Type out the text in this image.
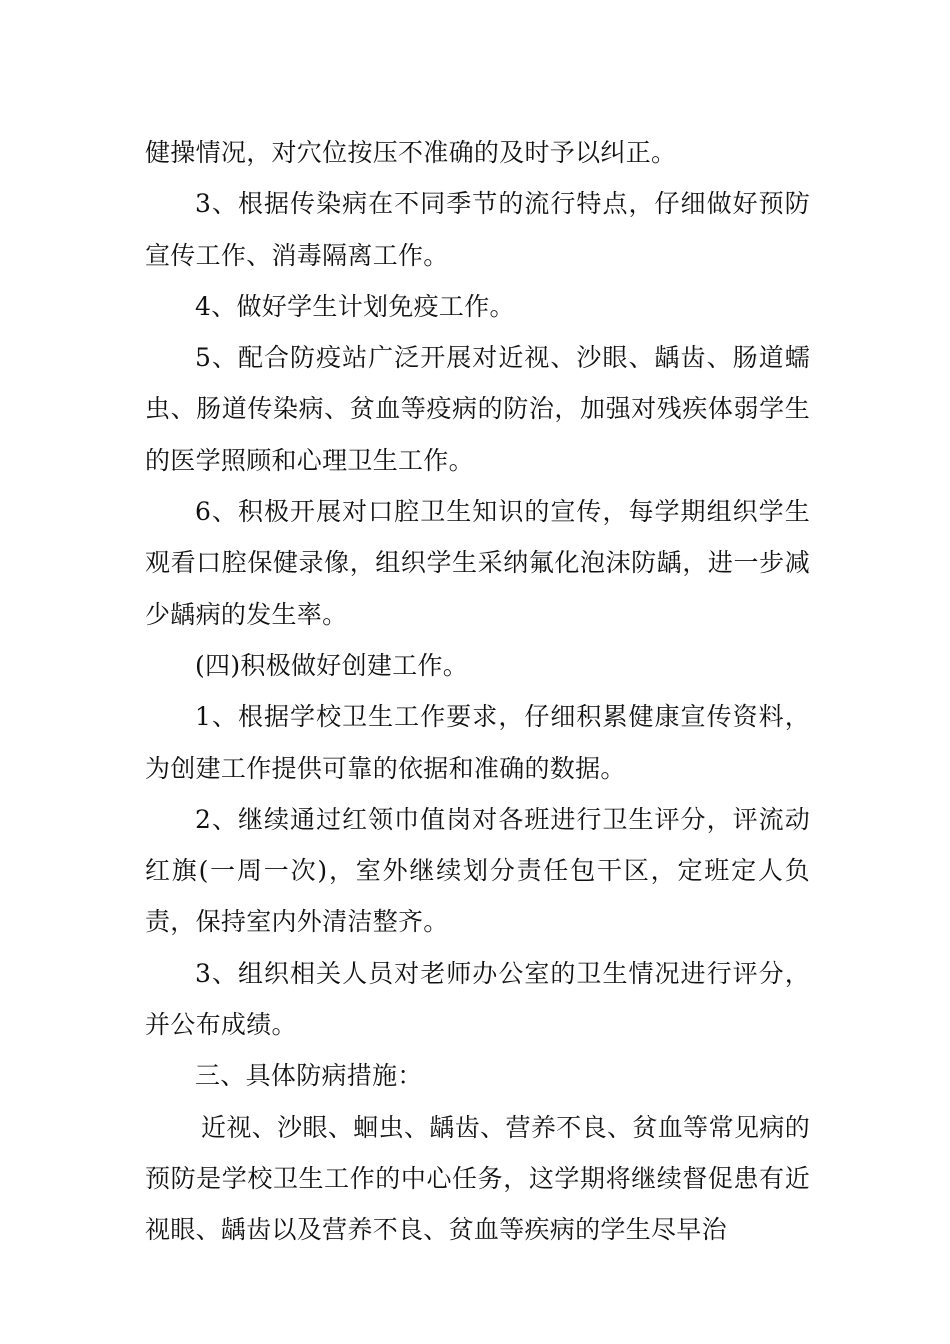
健操情况，对穴位按压不准确的及时予以纠正。

3、根据传染病在不同季节的流行特点，仔细做好预防宣传工作、消毒隔离工作。

4、做好学生计划免疫工作。

5、配合防疫站广泛开展对近视、沙眼、龋齿、肠道蠕虫、肠道传染病、贫血等疫病的防治，加强对残疾体弱学生的医学照顾和心理卫生工作。

6、积极开展对口腔卫生知识的宣传，每学期组织学生观看口腔保健录像，组织学生采纳氟化泡沫防龋，进一步减少龋病的发生率。

(四)积极做好创建工作。

1、根据学校卫生工作要求，仔细积累健康宣传资料，为创建工作提供可靠的依据和准确的数据。

2、继续通过红领巾值岗对各班进行卫生评分，评流动红旗(一周一次)，室外继续划分责任包干区，定班定人负责，保持室内外清洁整齐。

3、组织相关人员对老师办公室的卫生情况进行评分，并公布成绩。

三、具体防病措施：

近视、沙眼、蛔虫、龋齿、营养不良、贫血等常见病的预防是学校卫生工作的中心任务，这学期将继续督促患有近视眼、龋齿以及营养不良、贫血等疾病的学生尽早治
